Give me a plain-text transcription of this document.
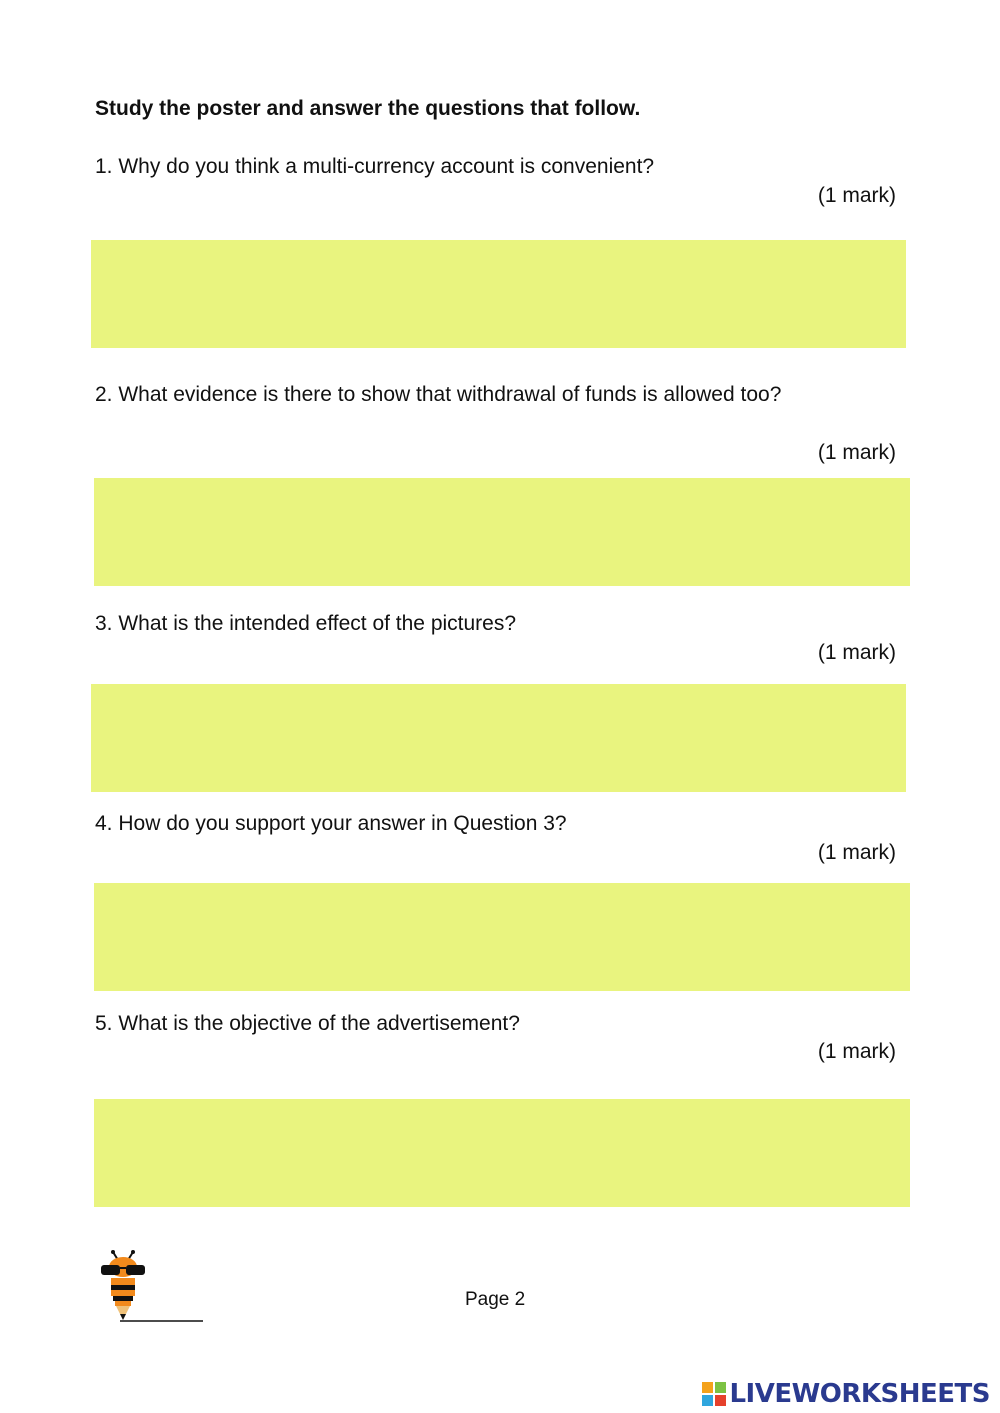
Study the poster and answer the questions that follow.
1. Why do you think a multi-currency account is convenient?
(1 mark)
2. What evidence is there to show that withdrawal of funds is allowed too?
(1 mark)
3. What is the intended effect of the pictures?
(1 mark)
4. How do you support your answer in Question 3?
(1 mark)
5. What is the objective of the advertisement?
(1 mark)
Page 2
LIVEWORKSHEETS
